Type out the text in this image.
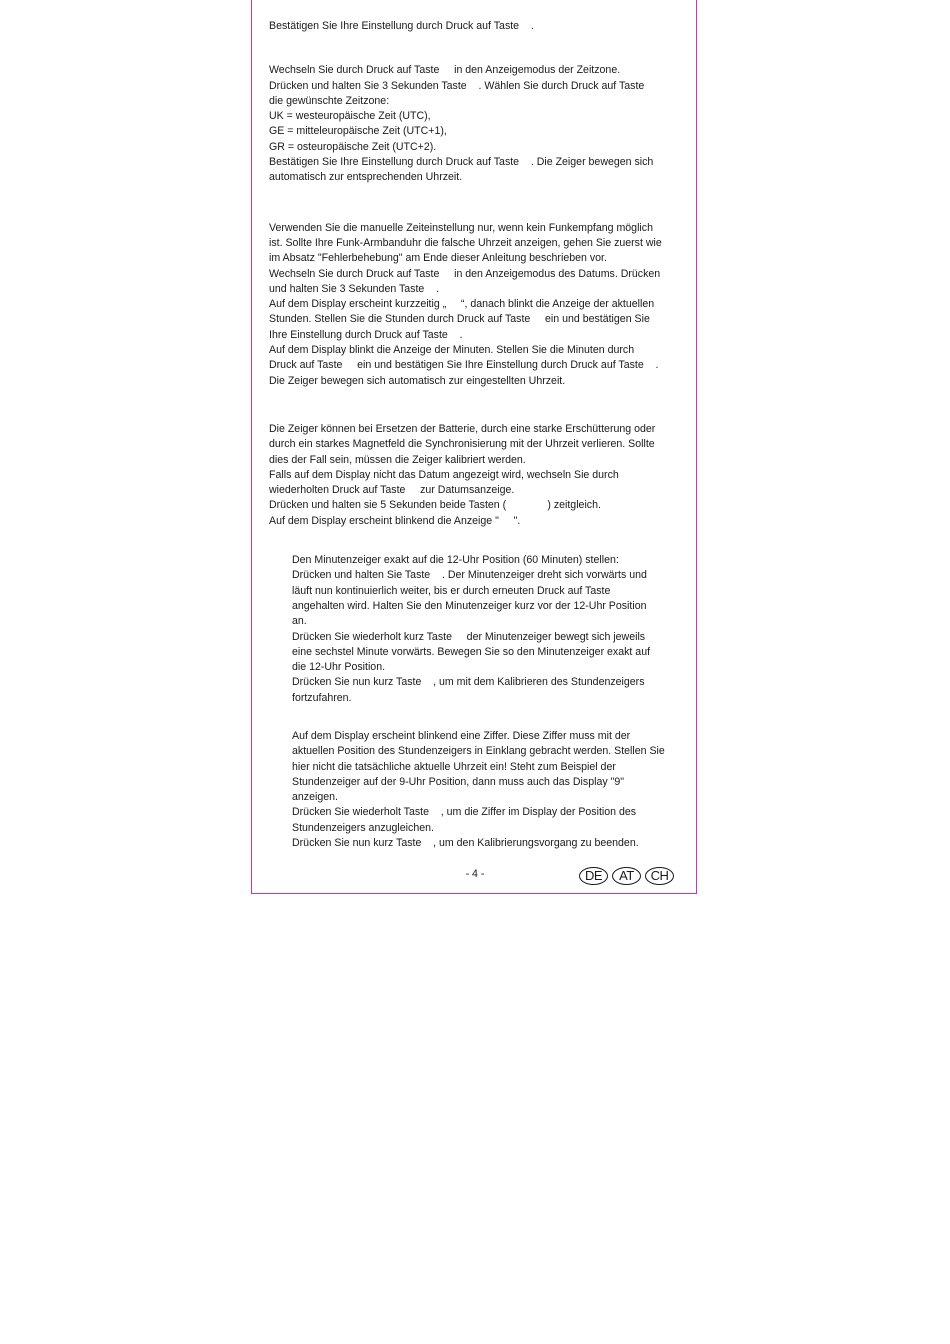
Bestätigen Sie Ihre Einstellung durch Druck auf Taste    .

Wechseln Sie durch Druck auf Taste     in den Anzeigemodus der Zeitzone.

Drücken und halten Sie 3 Sekunden Taste    . Wählen Sie durch Druck auf Taste

die gewünschte Zeitzone:

UK = westeuropäische Zeit (UTC),

GE = mitteleuropäische Zeit (UTC+1),

GR = osteuropäische Zeit (UTC+2).

Bestätigen Sie Ihre Einstellung durch Druck auf Taste    . Die Zeiger bewegen sich

automatisch zur entsprechenden Uhrzeit.

Verwenden Sie die manuelle Zeiteinstellung nur, wenn kein Funkempfang möglich

ist. Sollte Ihre Funk-Armbanduhr die falsche Uhrzeit anzeigen, gehen Sie zuerst wie

im Absatz "Fehlerbehebung" am Ende dieser Anleitung beschrieben vor.

Wechseln Sie durch Druck auf Taste     in den Anzeigemodus des Datums. Drücken

und halten Sie 3 Sekunden Taste    .

Auf dem Display erscheint kurzzeitig „     “, danach blinkt die Anzeige der aktuellen

Stunden. Stellen Sie die Stunden durch Druck auf Taste     ein und bestätigen Sie

Ihre Einstellung durch Druck auf Taste    .

Auf dem Display blinkt die Anzeige der Minuten. Stellen Sie die Minuten durch

Druck auf Taste     ein und bestätigen Sie Ihre Einstellung durch Druck auf Taste    .

Die Zeiger bewegen sich automatisch zur eingestellten Uhrzeit.

Die Zeiger können bei Ersetzen der Batterie, durch eine starke Erschütterung oder

durch ein starkes Magnetfeld die Synchronisierung mit der Uhrzeit verlieren. Sollte

dies der Fall sein, müssen die Zeiger kalibriert werden.

Falls auf dem Display nicht das Datum angezeigt wird, wechseln Sie durch

wiederholten Druck auf Taste     zur Datumsanzeige.

Drücken und halten sie 5 Sekunden beide Tasten (              ) zeitgleich.

Auf dem Display erscheint blinkend die Anzeige "     ".

Den Minutenzeiger exakt auf die 12-Uhr Position (60 Minuten) stellen:

Drücken und halten Sie Taste    . Der Minutenzeiger dreht sich vorwärts und

läuft nun kontinuierlich weiter, bis er durch erneuten Druck auf Taste

angehalten wird. Halten Sie den Minutenzeiger kurz vor der 12-Uhr Position

an.

Drücken Sie wiederholt kurz Taste     der Minutenzeiger bewegt sich jeweils

eine sechstel Minute vorwärts. Bewegen Sie so den Minutenzeiger exakt auf

die 12-Uhr Position.

Drücken Sie nun kurz Taste    , um mit dem Kalibrieren des Stundenzeigers

fortzufahren.

Auf dem Display erscheint blinkend eine Ziffer. Diese Ziffer muss mit der

aktuellen Position des Stundenzeigers in Einklang gebracht werden. Stellen Sie

hier nicht die tatsächliche aktuelle Uhrzeit ein! Steht zum Beispiel der

Stundenzeiger auf der 9-Uhr Position, dann muss auch das Display "9"

anzeigen.

Drücken Sie wiederholt Taste    , um die Ziffer im Display der Position des

Stundenzeigers anzugleichen.

Drücken Sie nun kurz Taste    , um den Kalibrierungsvorgang zu beenden.

- 4 -	DE	AT	CH
